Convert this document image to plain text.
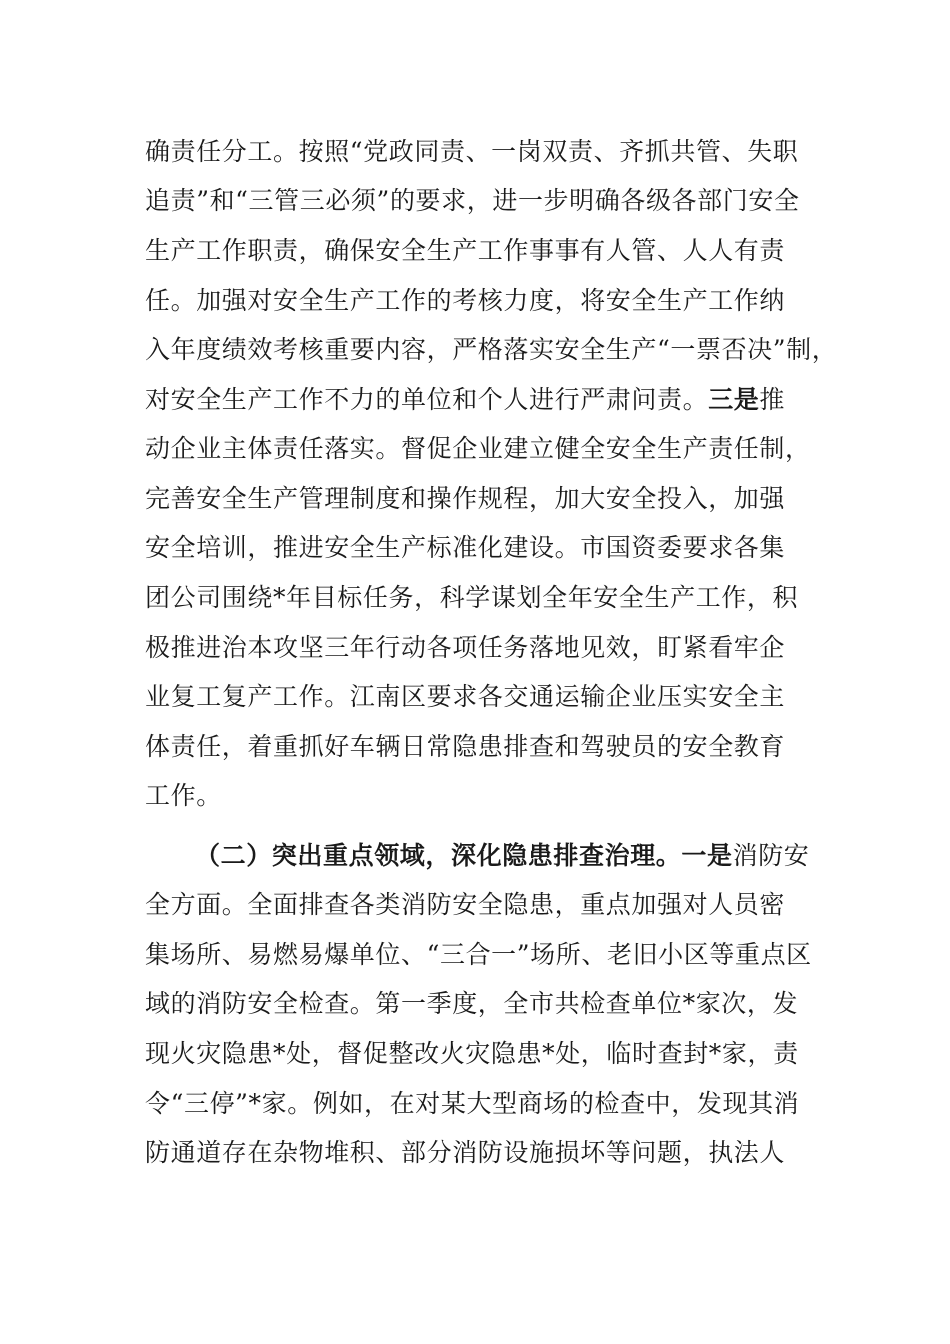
确责任分工。按照“党政同责、一岗双责、齐抓共管、失职
追责”和“三管三必须”的要求，进一步明确各级各部门安全
生产工作职责，确保安全生产工作事事有人管、人人有责
任。加强对安全生产工作的考核力度，将安全生产工作纳
入年度绩效考核重要内容，严格落实安全生产“一票否决”制，
对安全生产工作不力的单位和个人进行严肃问责。三是推
动企业主体责任落实。督促企业建立健全安全生产责任制，
完善安全生产管理制度和操作规程，加大安全投入，加强
安全培训，推进安全生产标准化建设。市国资委要求各集
团公司围绕*年目标任务，科学谋划全年安全生产工作，积
极推进治本攻坚三年行动各项任务落地见效，盯紧看牢企
业复工复产工作。江南区要求各交通运输企业压实安全主
体责任，着重抓好车辆日常隐患排查和驾驶员的安全教育
工作。
（二）突出重点领域，深化隐患排查治理。一是消防安
全方面。全面排查各类消防安全隐患，重点加强对人员密
集场所、易燃易爆单位、“三合一”场所、老旧小区等重点区
域的消防安全检查。第一季度，全市共检查单位*家次，发
现火灾隐患*处，督促整改火灾隐患*处，临时查封*家，责
令“三停”*家。例如，在对某大型商场的检查中，发现其消
防通道存在杂物堆积、部分消防设施损坏等问题，执法人
